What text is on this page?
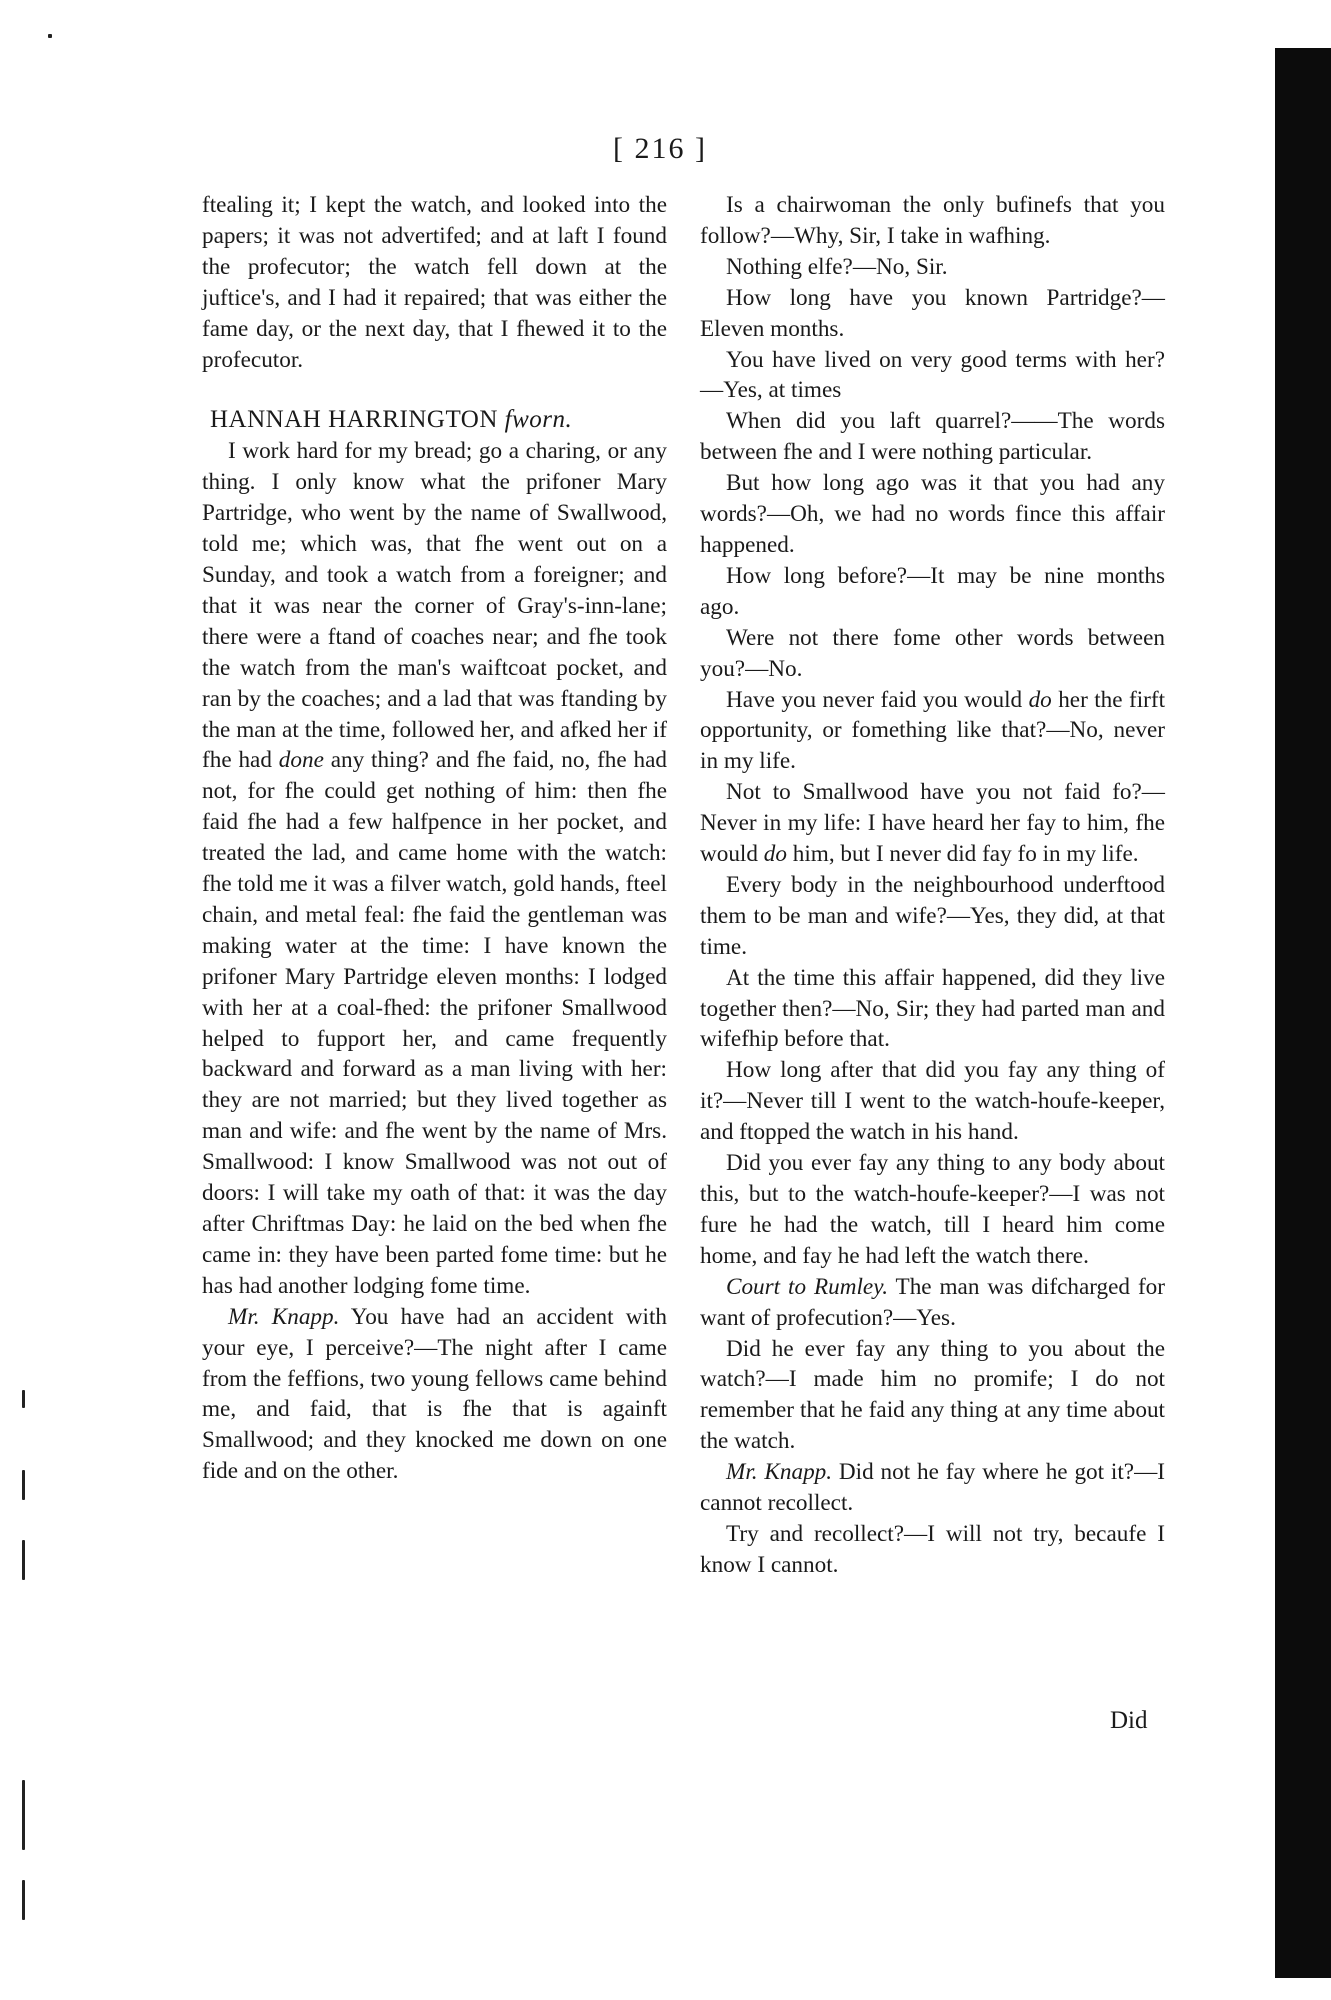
[ 216 ]

ftealing it; I kept the watch, and looked into the papers; it was not advertifed; and at laft I found the profecutor; the watch fell down at the juftice's, and I had it repaired; that was either the fame day, or the next day, that I fhewed it to the profecutor.

HANNAH HARRINGTON fworn.

I work hard for my bread; go a charing, or any thing. I only know what the prifoner Mary Partridge, who went by the name of Swallwood, told me; which was, that fhe went out on a Sunday, and took a watch from a foreigner; and that it was near the corner of Gray's-inn-lane; there were a ftand of coaches near; and fhe took the watch from the man's waiftcoat pocket, and ran by the coaches; and a lad that was ftanding by the man at the time, followed her, and afked her if fhe had done any thing? and fhe faid, no, fhe had not, for fhe could get nothing of him: then fhe faid fhe had a few halfpence in her pocket, and treated the lad, and came home with the watch: fhe told me it was a filver watch, gold hands, fteel chain, and metal feal: fhe faid the gentleman was making water at the time: I have known the prifoner Mary Partridge eleven months: I lodged with her at a coal-fhed: the prifoner Smallwood helped to fupport her, and came frequently backward and forward as a man living with her: they are not married; but they lived together as man and wife: and fhe went by the name of Mrs. Smallwood: I know Smallwood was not out of doors: I will take my oath of that: it was the day after Chriftmas Day: he laid on the bed when fhe came in: they have been parted fome time: but he has had another lodging fome time.

Mr. Knapp. You have had an accident with your eye, I perceive?—The night after I came from the feffions, two young fellows came behind me, and faid, that is fhe that is againft Smallwood; and they knocked me down on one fide and on the other.

Is a chairwoman the only bufinefs that you follow?—Why, Sir, I take in wafhing.

Nothing elfe?—No, Sir.

How long have you known Partridge?—Eleven months.

You have lived on very good terms with her?—Yes, at times

When did you laft quarrel?——The words between fhe and I were nothing particular.

But how long ago was it that you had any words?—Oh, we had no words fince this affair happened.

How long before?—It may be nine months ago.

Were not there fome other words between you?—No.

Have you never faid you would do her the firft opportunity, or fomething like that?—No, never in my life.

Not to Smallwood have you not faid fo?—Never in my life: I have heard her fay to him, fhe would do him, but I never did fay fo in my life.

Every body in the neighbourhood underftood them to be man and wife?—Yes, they did, at that time.

At the time this affair happened, did they live together then?—No, Sir; they had parted man and wifefhip before that.

How long after that did you fay any thing of it?—Never till I went to the watch-houfe-keeper, and ftopped the watch in his hand.

Did you ever fay any thing to any body about this, but to the watch-houfe-keeper?—I was not fure he had the watch, till I heard him come home, and fay he had left the watch there.

Court to Rumley. The man was difcharged for want of profecution?—Yes.

Did he ever fay any thing to you about the watch?—I made him no promife; I do not remember that he faid any thing at any time about the watch.

Mr. Knapp. Did not he fay where he got it?—I cannot recollect.

Try and recollect?—I will not try, becaufe I know I cannot.

Did
